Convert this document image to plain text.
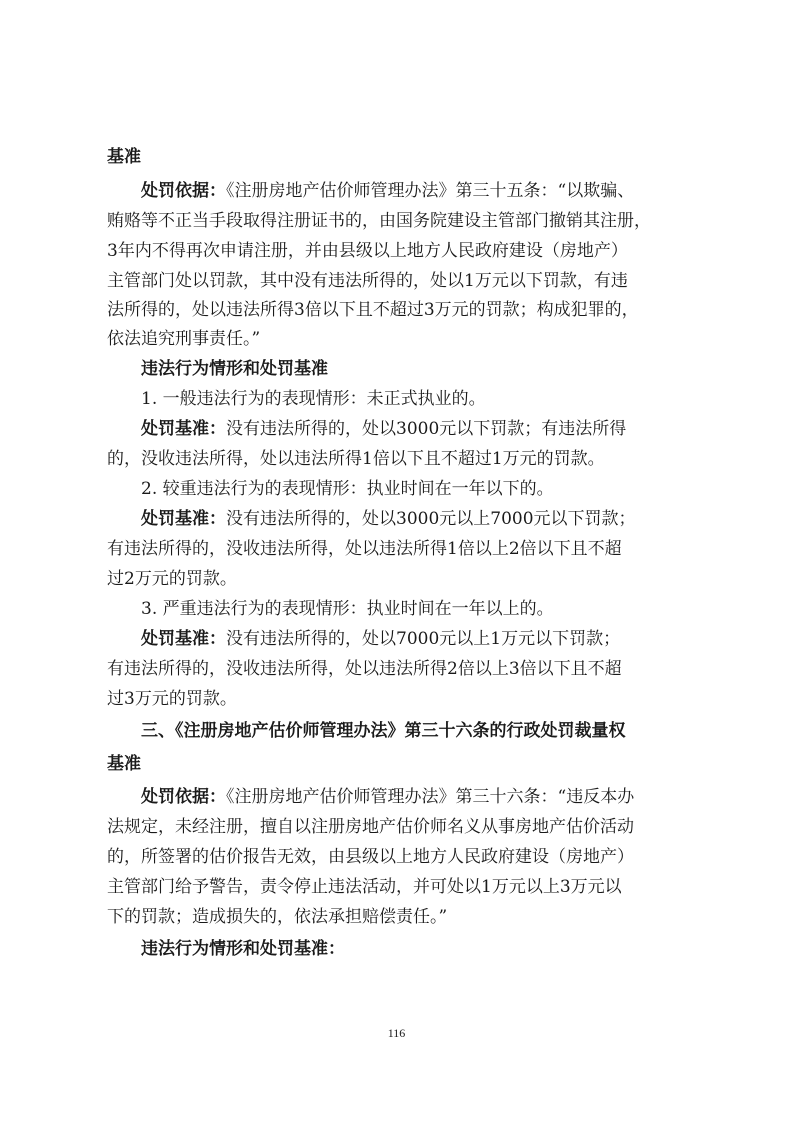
基准
处罚依据：《注册房地产估价师管理办法》第三十五条：“以欺骗、
贿赂等不正当手段取得注册证书的，由国务院建设主管部门撤销其注册，
3年内不得再次申请注册，并由县级以上地方人民政府建设（房地产）
主管部门处以罚款，其中没有违法所得的，处以1万元以下罚款，有违
法所得的，处以违法所得3倍以下且不超过3万元的罚款；构成犯罪的，
依法追究刑事责任。”
违法行为情形和处罚基准
1. 一般违法行为的表现情形：未正式执业的。
处罚基准：没有违法所得的，处以3000元以下罚款；有违法所得
的，没收违法所得，处以违法所得1倍以下且不超过1万元的罚款。
2. 较重违法行为的表现情形：执业时间在一年以下的。
处罚基准：没有违法所得的，处以3000元以上7000元以下罚款；
有违法所得的，没收违法所得，处以违法所得1倍以上2倍以下且不超
过2万元的罚款。
3. 严重违法行为的表现情形：执业时间在一年以上的。
处罚基准：没有违法所得的，处以7000元以上1万元以下罚款；
有违法所得的，没收违法所得，处以违法所得2倍以上3倍以下且不超
过3万元的罚款。
三、《注册房地产估价师管理办法》第三十六条的行政处罚裁量权
基准
处罚依据：《注册房地产估价师管理办法》第三十六条：“违反本办
法规定，未经注册，擅自以注册房地产估价师名义从事房地产估价活动
的，所签署的估价报告无效，由县级以上地方人民政府建设（房地产）
主管部门给予警告，责令停止违法活动，并可处以1万元以上3万元以
下的罚款；造成损失的，依法承担赔偿责任。”
违法行为情形和处罚基准：
116
